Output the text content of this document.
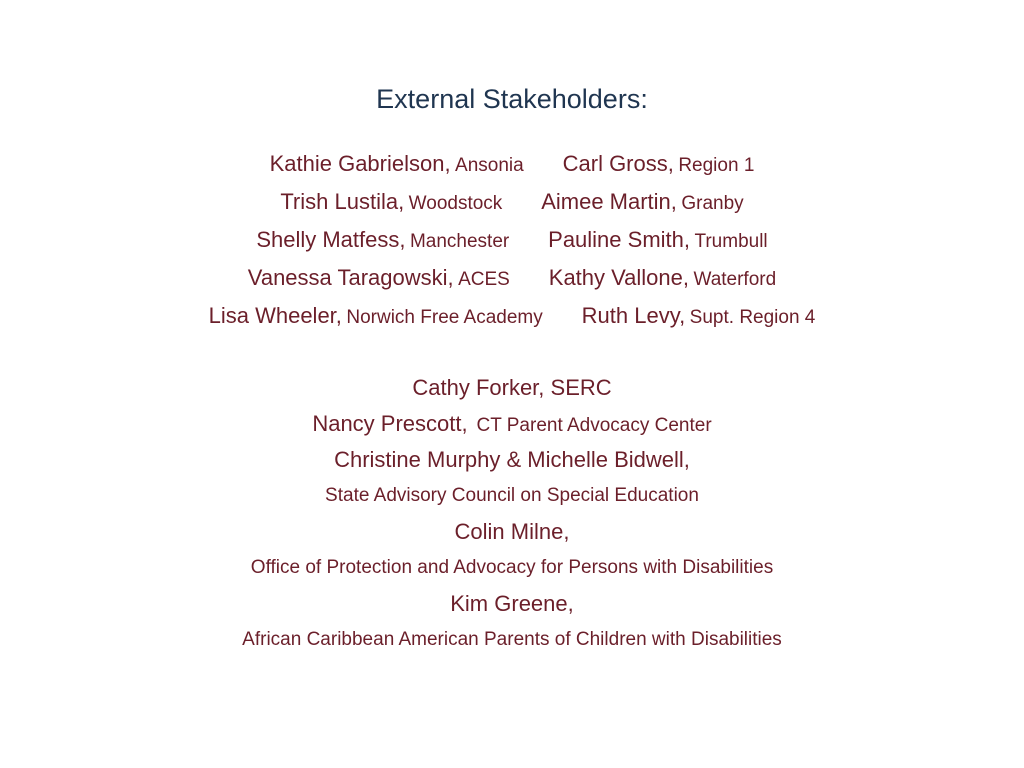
External Stakeholders:
Kathie Gabrielson, Ansonia Carl Gross, Region 1
Trish Lustila, Woodstock Aimee Martin, Granby
Shelly Matfess, Manchester Pauline Smith, Trumbull
Vanessa Taragowski, ACES Kathy Vallone, Waterford
Lisa Wheeler, Norwich Free Academy Ruth Levy, Supt. Region 4
Cathy Forker, SERC
Nancy Prescott, CT Parent Advocacy Center
Christine Murphy & Michelle Bidwell,
State Advisory Council on Special Education
Colin Milne,
Office of Protection and Advocacy for Persons with Disabilities
Kim Greene,
African Caribbean American Parents of Children with Disabilities
